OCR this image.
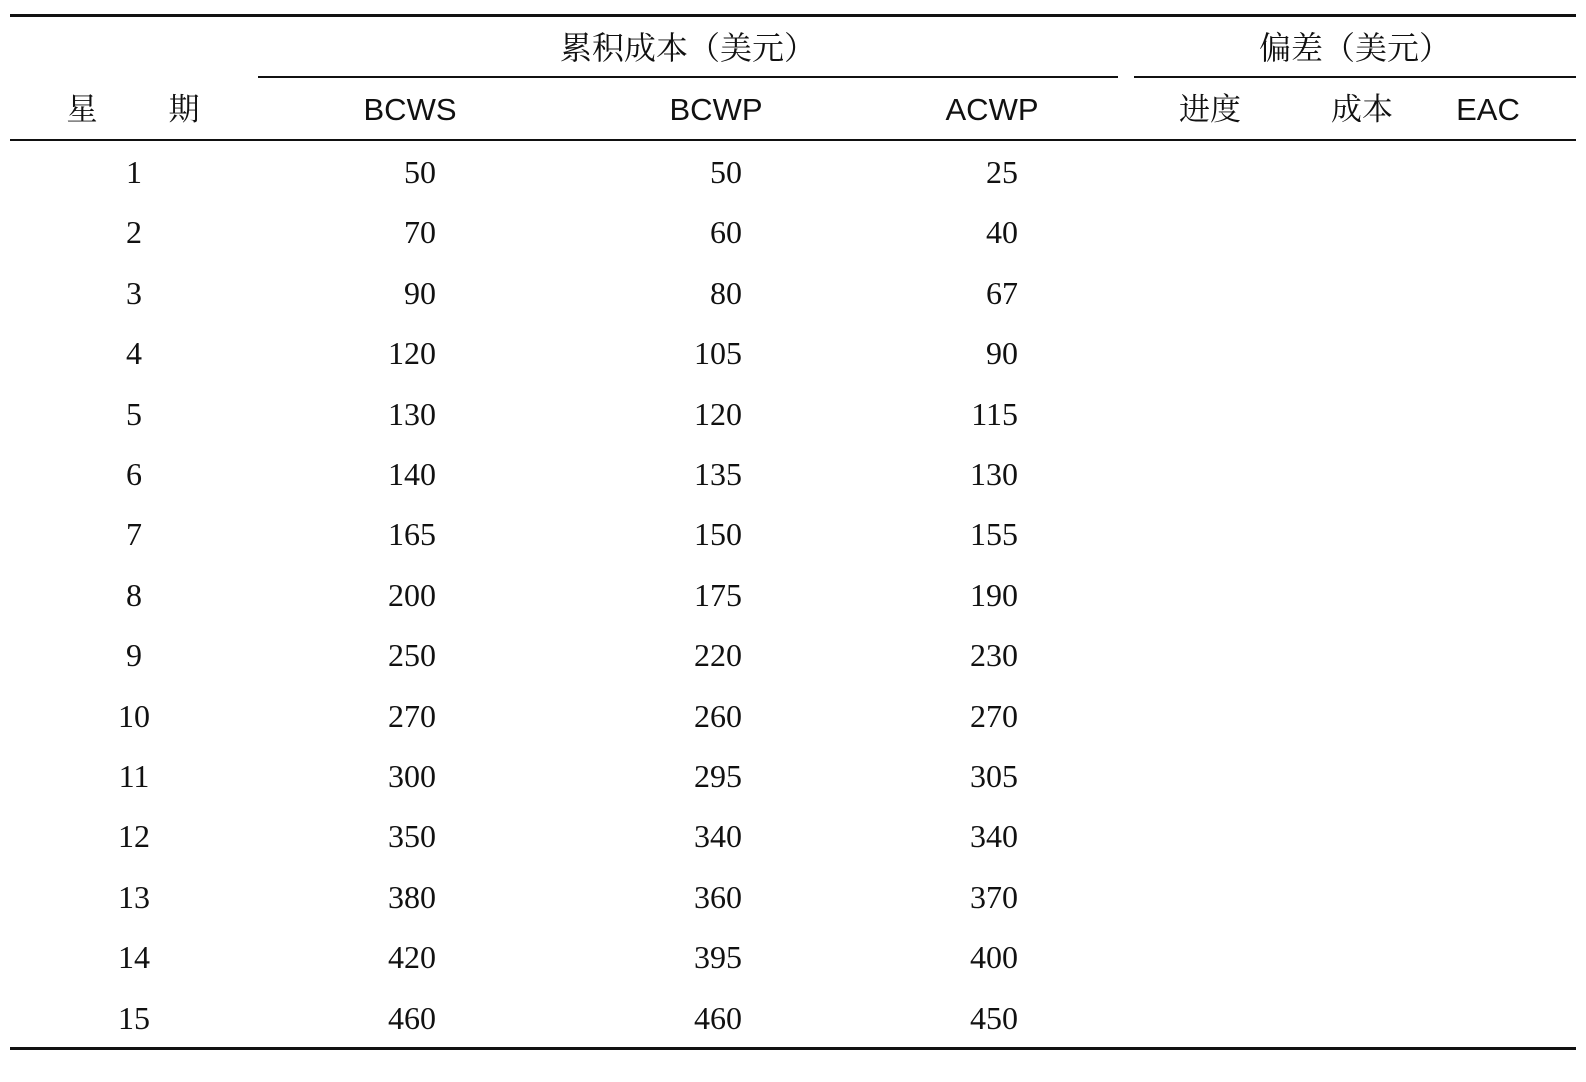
累积成本（美元）	偏差（美元）
星 期	BCWS	BCWP	ACWP	进度	成本	EAC
1	50	50	25
2	70	60	40
3	90	80	67
4	120	105	90
5	130	120	115
6	140	135	130
7	165	150	155
8	200	175	190
9	250	220	230
10	270	260	270
11	300	295	305
12	350	340	340
13	380	360	370
14	420	395	400
15	460	460	450
